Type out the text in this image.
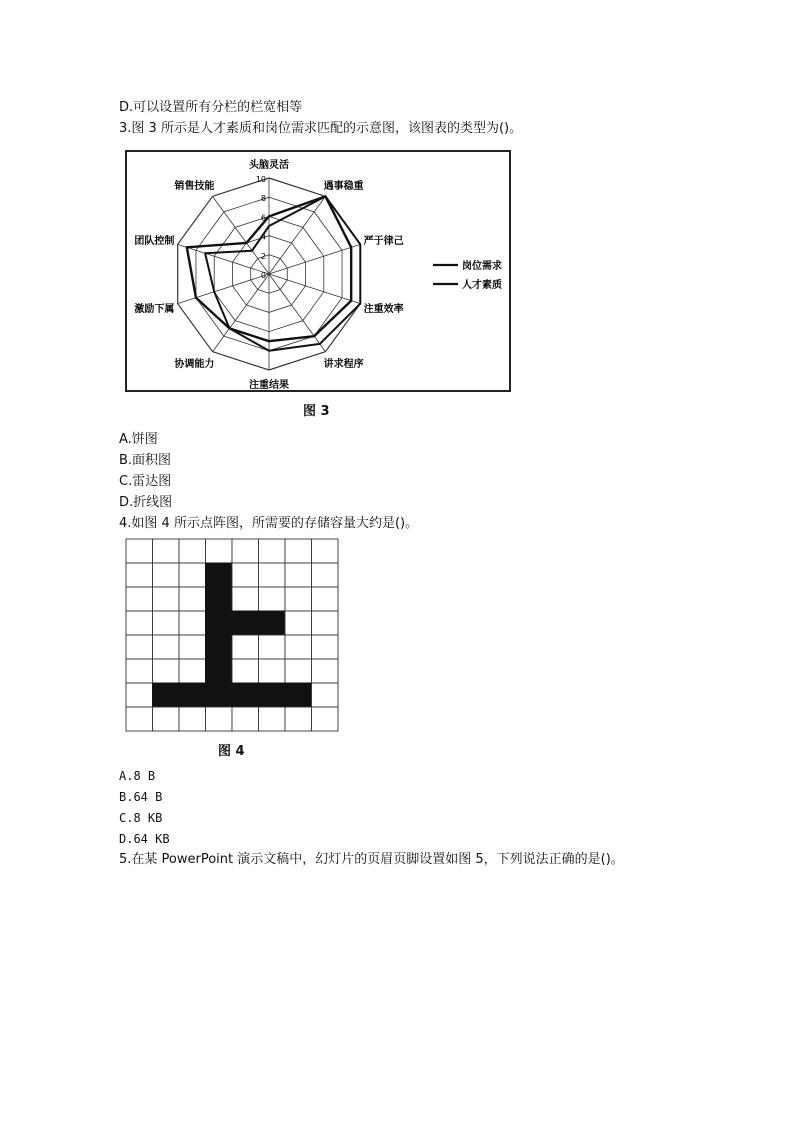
D.可以设置所有分栏的栏宽相等
3.图 3 所示是人才素质和岗位需求匹配的示意图，该图表的类型为()。
头脑灵活
遇事稳重
严于律己
注重效率
讲求程序
注重结果
协调能力
激励下属
团队控制
销售技能
0
2
4
6
8
10
岗位需求
人才素质
图 3
A.饼图
B.面积图
C.雷达图
D.折线图
4.如图 4 所示点阵图，所需要的存储容量大约是()。
图 4
A.8 B
B.64 B
C.8 KB
D.64 KB
5.在某 PowerPoint 演示文稿中，幻灯片的页眉页脚设置如图 5，下列说法正确的是()。
